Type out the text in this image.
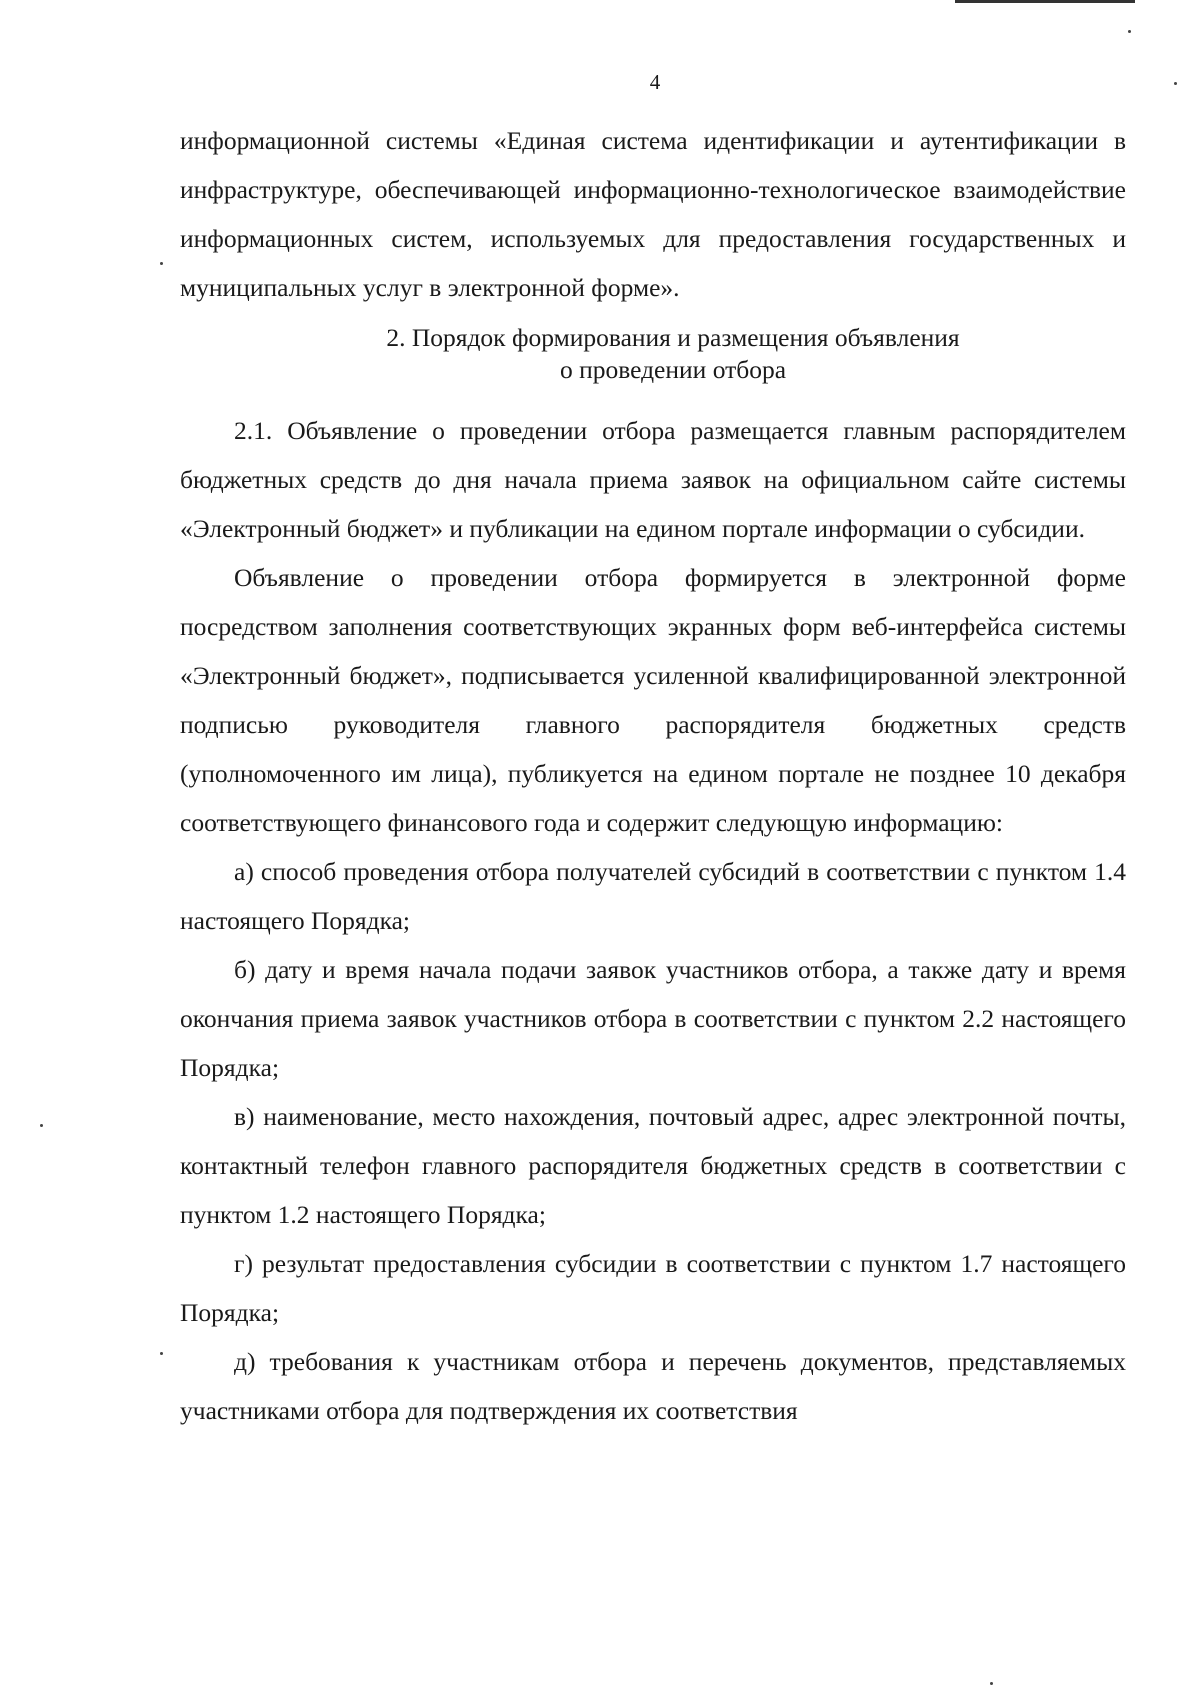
4
информационной системы «Единая система идентификации и аутентификации в инфраструктуре, обеспечивающей информационно-технологическое взаимодействие информационных систем, используемых для предоставления государственных и муниципальных услуг в электронной форме».
2. Порядок формирования и размещения объявления
о проведении отбора
2.1. Объявление о проведении отбора размещается главным распорядителем бюджетных средств до дня начала приема заявок на официальном сайте системы «Электронный бюджет» и публикации на едином портале информации о субсидии.
Объявление о проведении отбора формируется в электронной форме посредством заполнения соответствующих экранных форм веб-интерфейса системы «Электронный бюджет», подписывается усиленной квалифицированной электронной подписью руководителя главного распорядителя бюджетных средств (уполномоченного им лица), публикуется на едином портале не позднее 10 декабря соответствующего финансового года и содержит следующую информацию:
а) способ проведения отбора получателей субсидий в соответствии с пунктом 1.4 настоящего Порядка;
б) дату и время начала подачи заявок участников отбора, а также дату и время окончания приема заявок участников отбора в соответствии с пунктом 2.2 настоящего Порядка;
в) наименование, место нахождения, почтовый адрес, адрес электронной почты, контактный телефон главного распорядителя бюджетных средств в соответствии с пунктом 1.2 настоящего Порядка;
г) результат предоставления субсидии в соответствии с пунктом 1.7 настоящего Порядка;
д) требования к участникам отбора и перечень документов, представляемых участниками отбора для подтверждения их соответствия
